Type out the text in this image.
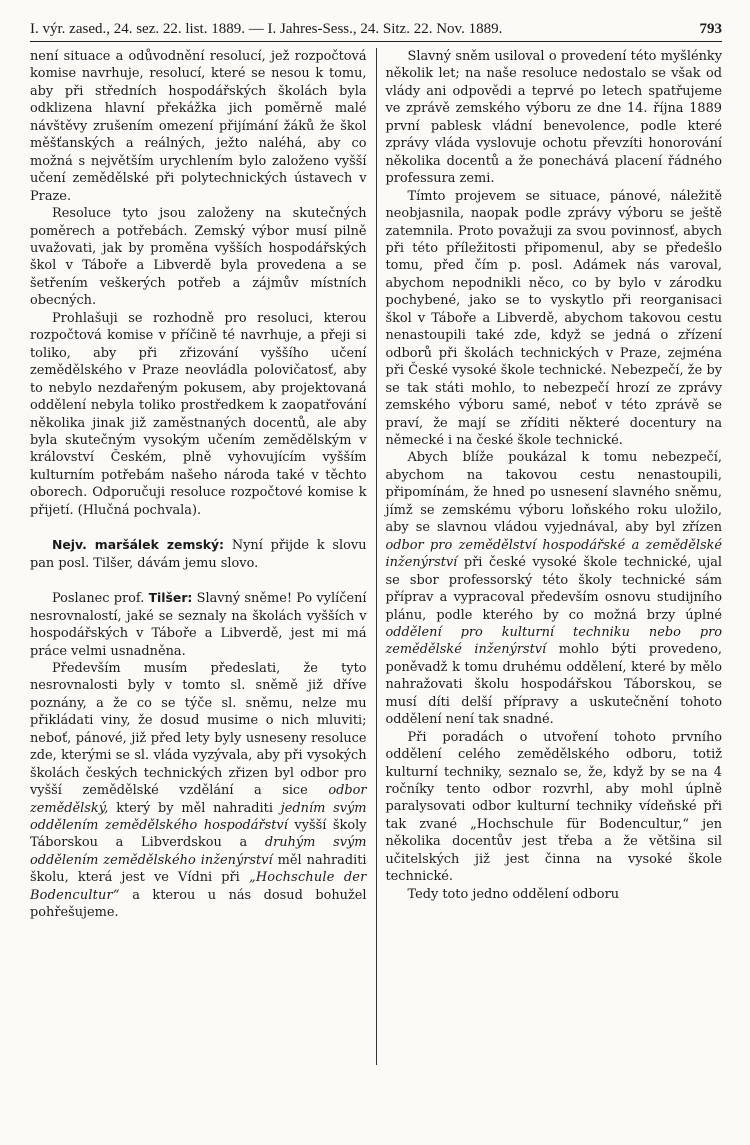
I. výr. zased., 24. sez. 22. list. 1889. — I. Jahres-Sess., 24. Sitz. 22. Nov. 1889.	793

není situace a odůvodnění resolucí, jež rozpočtová komise navrhuje, resolucí, které se nesou k tomu, aby při středních hospodářských školách byla odklizena hlavní překážka jich poměrně malé návštěvy zrušením omezení přijímání žáků že škol měšťanských a reálných, ježto naléhá, aby co možná s největším urychlením bylo založeno vyšší učení zemědělské při polytechnických ústavech v Praze.

Resoluce tyto jsou založeny na skutečných poměrech a potřebách. Zemský výbor musí pilně uvažovati, jak by proměna vyšších hospodářských škol v Táboře a Libverdě byla provedena a se šetřením veškerých potřeb a zájmův místních obecných.

Prohlašuji se rozhodně pro resoluci, kterou rozpočtová komise v příčině té navrhuje, a přeji si toliko, aby při zřizování vyššího učení zemědělského v Praze neovládla polovičatosť, aby to nebylo nezdařeným pokusem, aby projektovaná oddělení nebyla toliko prostředkem k zaopatřování několika jinak již zaměstnaných docentů, ale aby byla skutečným vysokým učením zemědělským v království Českém, plně vyhovujícím vyšším kulturním potřebám našeho národa také v těchto oborech. Odporučuji resoluce rozpočtové komise k přijetí. (Hlučná pochvala).

Nejv. maršálek zemský: Nyní přijde k slovu pan posl. Tilšer, dávám jemu slovo.

Poslanec prof. Tilšer: Slavný sněme! Po vylíčení nesrovnalostí, jaké se seznaly na školách vyšších v hospodářských v Táboře a Libverdě, jest mi má práce velmi usnadněna.

Především musím předeslati, že tyto nesrovnalosti byly v tomto sl. sněmě již dříve poznány, a že co se týče sl. sněmu, nelze mu přikládati viny, že dosud musime o nich mluviti; neboť, pánové, již před lety byly usneseny resoluce zde, kterými se sl. vláda vyzývala, aby při vysokých školách českých technických zřizen byl odbor pro vyšší zemědělské vzdělání a sice odbor zemědělský, který by měl nahraditi jedním svým oddělením zemědělského hospodářství vyšší školy Táborskou a Libverdskou a druhým svým oddělením zemědělského inženýrství měl nahraditi školu, která jest ve Vídni při „Hochschule der Bodencultur“ a kterou u nás dosud bohužel pohřešujeme.

Slavný sněm usiloval o provedení této myšlénky několik let; na naše resoluce nedostalo se však od vlády ani odpovědi a teprvé po letech spatřujeme ve zprávě zemského výboru ze dne 14. října 1889 první pablesk vládní benevolence, podle které zprávy vláda vyslovuje ochotu převzíti honorování několika docentů a že ponechává placení řádného professura zemi.

Tímto projevem se situace, pánové, náležitě neobjasnila, naopak podle zprávy výboru se ještě zatemnila. Proto považuji za svou povinnosť, abych při této příležitosti připomenul, aby se předešlo tomu, před čím p. posl. Adámek nás varoval, abychom nepodnikli něco, co by bylo v zárodku pochybené, jako se to vyskytlo při reorganisaci škol v Táboře a Libverdě, abychom takovou cestu nenastoupili také zde, když se jedná o zřízení odborů při školách technických v Praze, zejména při České vysoké škole technické. Nebezpečí, že by se tak státi mohlo, to nebezpečí hrozí ze zprávy zemského výboru samé, neboť v této zprávě se praví, že mají se zříditi některé docentury na německé i na české škole technické.

Abych blíže poukázal k tomu nebezpečí, abychom na takovou cestu nenastoupili, připomínám, že hned po usnesení slavného sněmu, jímž se zemskému výboru loňského roku uložilo, aby se slavnou vládou vyjednával, aby byl zřízen odbor pro zemědělství hospodářské a zemědělské inženýrství při české vysoké škole technické, ujal se sbor professorský této školy technické sám příprav a vypracoval především osnovu studijního plánu, podle kterého by co možná brzy úplné oddělení pro kulturní techniku nebo pro zemědělské inženýrství mohlo býti provedeno, poněvadž k tomu druhému oddělení, které by mělo nahražovati školu hospodářskou Táborskou, se musí díti delší přípravy a uskutečnění tohoto oddělení není tak snadné.

Při poradách o utvoření tohoto prvního oddělení celého zemědělského odboru, totiž kulturní techniky, seznalo se, že, když by se na 4 ročníky tento odbor rozvrhl, aby mohl úplně paralysovati odbor kulturní techniky vídeňské při tak zvané „Hochschule für Bodencultur,“ jen několika docentův jest třeba a že většina sil učitelských již jest činna na vysoké škole technické.

Tedy toto jedno oddělení odboru
